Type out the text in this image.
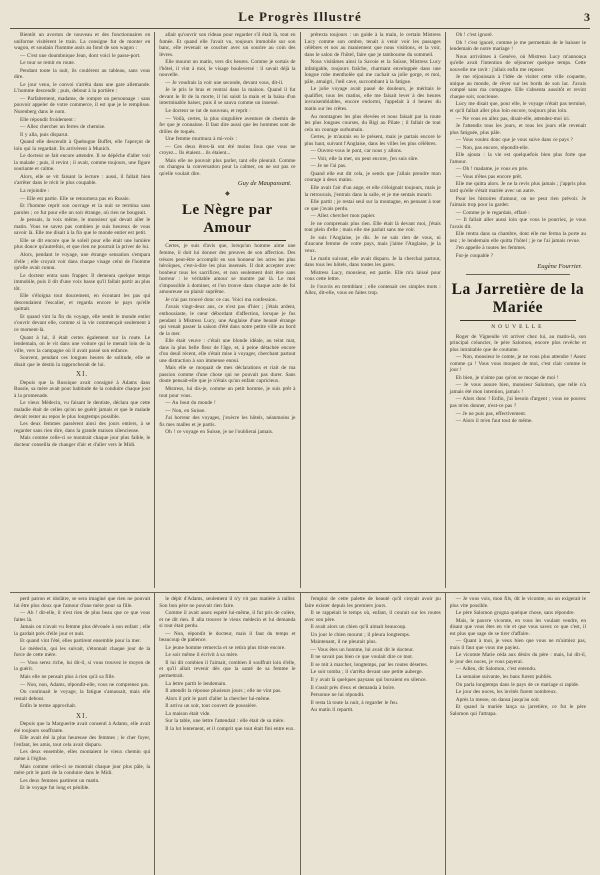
Le Progrès Illustré	3

Bientôt un avorton de nouveau et des fonctionnaires en uniforme visitèrent le train. La consigne fut de monter en wagon, et soudain l'homme assis au fond de son wagon :

— C'est une doumbnique Jean, dont voici le passe-port.

Le tour se remit en route.

Pendant toute la nuit, ils coulèrent au tableau, sans vous dire.

Le jour venu, le convoi s'arrêta dans une gare allemande. L'homme descendit ; puis, debout à la portière :

— Parfaitement, madame, de rompre un personnage : sans pouvoir appeler de votre commerce, il est que je le remplisse. Nurenberg dans le nom.

Elle répondit froidement :

— Allez chercher un ferres de chemise.

Il y alla, puis disparut.

Quand elle descendit à Quebugne Buffet, elle l'aperçut de loin qui la regardait. Ils arrivèrent à Munich.

Le docteur se fait encore attendre. Il se dépêche d'aller voir la malade ; puis, il revint ; il avait, comme toujours, une figure souriante et calme.

Alors, elle se vit faisant la lecture : aussi, il fallait bien s'arrêter dans le récit le plus coupable.

La rejoindre :

— Elle est partie. Elle se retournera pas en Russie.

Et l'homme reprit son ouvrage et la nuit se termina sans paroles ; ce fut pour elle un soir étrange, où rien ne bougeait.

Je pensais, la voix même, le monsieur qui devait aller le matin. Vous ne savez pas combien je suis heureux de vous savoir là. Elle me disait à la fin que le monde entier est petit.

Elle se dit encore que le soleil pour elle était une lumière plus douce qu'autrefois, et que rien ne pourrait la priver de lui.

Alors, pendant le voyage, une étrange sensation s'empara d'elle ; elle croyait voir dans chaque visage celui de l'homme qu'elle avait connu.

Le docteur entra sans frapper. Il demeura quelque temps immobile, puis il dit d'une voix basse qu'il fallait partir au plus tôt.

Elle s'éloigna tout doucement, en écoutant les pas qui descendaient l'escalier, et regarda encore le pays qu'elle quittait.

Et quand vint la fin du voyage, elle sentit le monde entier s'ouvrir devant elle, comme si la vie commençait seulement à ce moment-là.

Quant à lui, il était certes également sur la route. Le lendemain, on le vit dans une voiture qui le menait loin de la ville, vers la campagne où il avait passé son enfance.

Souvent, pendant ces longues heures de solitude, elle se disait que le destin la rapprocherait de lui.

XI.

Depuis que la Russique avait consigné à Adams dans Russie, sa mère avait pour habitude de la conduire chaque jour à la promenade.

Le vieux Médecin, vu faisant le dentiste, déclara que cette maladie était de celles qu'on ne guérit jamais et que le malade devait rester au repos le plus longtemps possible.

Les deux femmes passèrent ainsi des jours entiers, à se regarder sans rien dire, dans la grande maison silencieuse.

Mais comme celle-ci se montrait chaque jour plus faible, le docteur conseilla de changer d'air et d'aller vers le Midi.

allait qu'ouvrir son rideau pour regarder s'il était là, tout en fumée. Et quand elle l'avait vu, toujours immobile sur son banc, elle revenait se coucher avec un sourire au coin des lèvres.

Elle mourut un matin, vers dix heures. Comme je sortais de l'hôtel, il vint à moi, le visage bouleversé : il savait déjà la nouvelle.

— Je voudrais la voir une seconde, devant vous, dit-il.

Je le pris le bras et rentrai dans la maison. Quand il fut devant le lit de la morte, il lui saisit la main et la baisa d'un interminable baiser, puis il se sauva comme un insensé.

Le docteur se tut de nouveau, et reprit :

— Voilà, certes, la plus singulière aventure de chemin de fer que je connaisse. Il faut dire aussi que les hommes sont de drôles de toqués.

Une femme murmura à mi-voix :

— Ces deux êtres-là ont été moins fous que vous ne croyez... Ils étaient... ils étaient...

Mais elle ne pouvait plus parler, tant elle pleurait. Comme on changea la conversation pour la calmer, on ne sut pas ce qu'elle voulait dire.

Guy de Maupassant.
◆
Le Nègre par Amour

Certes, je suis d'avis que, lorsqu'un homme aime une femme, il doit lui donner des preuves de son affection. Des trésors peut-être accomplir en son honneur les actes les plus héroïques, c'est-à-dire les plus insensés. Il doit accepter avec bonheur tous les sacrifices, et non seulement doit être sans horreur : le véritable amour se montre par là. Le moi s'impossible à dominer, et l'on trouve dans chaque acte de foi amoureuse un plaisir suprême.

Je n'ai pas trouvé donc ce cas. Voici ma confession.

J'avais vingt-deux ans, ce n'est pas d'hier ; j'étais ardent, enthousiaste, le cœur débordant d'affection, lorsque je fus pendant à Mistress Lucy, une Anglaise d'une beauté étrange qui venait passer la saison d'été dans notre petite ville au bord de la mer.

Elle était veuve : c'était une blonde idéale, au teint mat, dans la plus belle fleur de l'âge, et, à peine détachée encore d'un deuil récent, elle s'était mise à voyager, cherchant partout une distraction à son immense ennui.

Mais elle se moquait de mes déclarations et riait de ma passion comme d'une chose qui ne pouvait pas durer. Sans doute pensait-elle que je n'étais qu'un enfant capricieux.

Mistress, lui dis-je, comme un petit homme, je suis prêt à tout pour vous.

— Au bout du monde !

— Non, en Suisse.

J'ai horreur des voyages, j'exècre les hôtels, néanmoins je fis mes malles et je partis.

Oh ! ce voyage en Suisse, je ne l'oublierai jamais.

prétexta toujours : un guide à la main, le certain Mistress Lucy comme son ombre, tenait à venir voir les passages célèbres et nos au maniement que nous visitions, et la voir, dans le salon de l'hôtel, faire que je tambourne du sommeil.

Nous visitâmes ainsi la Savoie et la Suisse, Mistress Lucy infatigable, toujours fraîche, charmant enveloppée dans une longue robe mentholée qui me cachait sa jolie gorge, et moi, pâle, amaigri, l'œil cave, succombant à la fatigue.

Le jolie voyage avait passé de douleurs, je méritais le qualifier, tous les matins, elle me faisait lever à des heures invraisemblables, encore endormi, l'appelait à 4 heures du matin sur les crêtes.

Au montagnes les plus élevées et nous faisait par la route les plus longues courses, du Rigi au Pilate ; il fallait de tout cela un courage surhumain.

Certes, je m'aurais eu le présent, mais je partais encore le plus haut, suivant l'Anglaise, dans les villes les plus célèbres.

— Ouvrez-vous le pont, car nous y allons.

— Voir, elle la mer, on peut encore, j'en suis sûre.

— Je ne l'ai pas.

Quand elle eut dit cela, je sentis que j'allais prendre mon courage à deux mains.

Elle avait l'air d'un ange, et elle s'éloignait toujours, mais je la retrouvais, j'entrais dans la salle, et je me sentais mourir.

Elle partit ; je restai seul sur la montagne, en pensant à tout ce que j'avais perdu.

— Allez chercher mon papier.

Je ne comprenais plus rien. Elle était là devant moi, j'étais tout plein d'elle ; mais elle me parlait sans me voir.

Je suis l'Anglaise, je dis. Je ne sais rien de vous, ni d'aucune femme de votre pays, mais j'aime l'Anglaise, je la veux.

Le matin suivant, elle avait disparu. Je la cherchai partout, dans tous les hôtels, dans toutes les gares.

Mistress Lucy, monsieur, est partie. Elle m'a laissé pour vous cette lettre.

Je l'ouvris en tremblant ; elle contenait ces simples mots : Allez, dit-elle, vous en faites trop.

Oh ! c'est ignoré.

Oh ! c'est ignoré, comme je me permettais de le baisser le lendemain de notre mariage !

Nous arrivâmes à Genève, où Mistress Lucy m'annonça qu'elle avait l'intention de séjourner quelque temps. Cette nouvelle me ravit : j'allais enfin me reposer.

Je me réjouissais à l'idée de visiter cette ville coquette, unique au monde, de rêver sur les bords de son lac. J'avais compté sans ma compagne. Elle s'absenta aussitôt et revint chaque soir, soucieuse.

Lucy me disait que, pour elle, le voyage n'était pas terminé, et qu'il fallait aller plus loin encore, toujours plus loin.

— Ne vous en allez pas, disait-elle, attendez-moi ici.

Je l'attendis tous les jours, et tous les jours elle revenait plus fatiguée, plus pâle.

— Vous voulez donc que je vous suive dans ce pays ?

— Non, pas encore, répondit-elle.

Elle ajouta : la vie est quelquefois bien plus forte que l'amour.

— Oh ! madame, je vous en prie.

— Vous n'êtes pas encore prêt.

Elle me quitta alors. Je ne la revis plus jamais ; j'appris plus tard qu'elle s'était mariée avec un autre.

Pour les histoires d'amour, on ne peut rien prévoir. Je l'aimais trop pour la garder.

— Comme je le regardais, effaré :

— Il fallait aller aussi loin que vous le pourriez, je vous l'avais dit.

Elle rentra dans sa chambre, dont elle me ferma la porte au nez ; le lendemain elle quitta l'hôtel ; je ne l'ai jamais revue.

J'en appelle à toutes les femmes.

Fut-je coupable ?

Eugène Fourrier.
La Jarretière de la Mariée
NOUVELLE

Roger de Vigneulle vit arriver chez lui, au matin-là, son principal créancier, le père Salomon, encore plus revêche et plus intraitable que de coutume.

— Non, monsieur le comte, je ne vous plus attendre ! Assez comme ça ! Vous vous moquez de moi, c'est clair comme le jour !

Eh bien, je n'aime pas qu'on se moque de moi !

— Je vous assure bien, monsieur Salomon, que telle n'a jamais été mon intention, jamais !

— Alors donc ! Enfin, j'ai besoin d'argent ; vous ne pouvez pas m'en donner, n'est-ce pas ?

— Je ne puis pas, effectivement.

— Alors il m'en faut tout de même.

perd patron et idolâtre, se sera imaginé que rien ne pouvait lui être plus doux que l'amour d'une mère pour sa fille.

— Ah ! dit-elle, il n'est rien de plus beau que ce que vous faites là.

Jamais on n'avait vu femme plus dévouée à son enfant ; elle la gardait près d'elle jour et nuit.

Et quand vint l'été, elles partirent ensemble pour la mer.

Le médecin, qui les suivait, s'étonnait chaque jour de la force de cette mère.

— Vous serez riche, lui dit-il, si vous trouvez le moyen de la guérir.

Mais elle ne pensait plus à rien qu'à sa fille.

— Non, non, Adams, répondit-elle, vous ne comprenez pas.

On continuait le voyage, la fatigue s'amassait, mais elle restait debout.

Enfin le terme approchait.

XI.

Depuis que la Marguerite avait consenti à Adams, elle avait été toujours souffrante.

Elle avait été la plus heureuse des femmes ; le cher foyer, l'enfant, les amis, tout cela avait disparu.

Les deux ensemble, elles montaient le vieux chemin qui mène à l'église.

Mais comme celle-ci se montrait chaque jour plus pâle, la mère prit le parti de la conduire dans le Midi.

Les deux femmes partirent un matin.

Et le voyage fut long et pénible.

le dépit d'Adams, seulement il n'y vit pas matière à railler. Son bon père ne pouvait rien faire.

Comme il avait assez espéré lui-même, il fut pris de colère, et ne dit rien. Il alla trouver le vieux médecin et lui demanda si tout était perdu.

— Non, répondit le docteur, mais il faut du temps et beaucoup de patience.

Le jeune homme remercia et se retira plus triste encore.

Le soir même il écrivit à sa mère.

Il lui dit combien il l'aimait, combien il souffrait loin d'elle, et qu'il allait revenir dès que la santé de sa femme le permettrait.

La lettre partit le lendemain.

Il attendit la réponse plusieurs jours ; elle ne vint pas.

Alors il prit le parti d'aller la chercher lui-même.

Il arriva un soir, tout couvert de poussière.

La maison était vide.

Sur la table, une lettre l'attendait : elle était de sa mère.

Il la lut lentement, et il comprit que tout était fini entre eux.

l'emploi de cette palette de beauté qu'il croyait avoir pu faire exister depuis les premiers jours.

Il se rappelait le temps où, enfant, il courait sur les routes avec son père.

Il avait alors un chien qu'il aimait beaucoup.

Un jour le chien mourut ; il pleura longtemps.

Maintenant, il ne pleurait plus.

— Vous êtes un homme, lui avait dit le docteur.

Il ne savait pas bien ce que voulait dire ce mot.

Il se mit à marcher, longtemps, par les routes désertes.

Le soir tomba ; il s'arrêta devant une petite auberge.

Il y avait là quelques paysans qui buvaient en silence.

Il s'assit près d'eux et demanda à boire.

Personne ne lui répondit.

Il resta là toute la nuit, à regarder le feu.

Au matin il repartit.

— Je vous vois, mon fils, dit le vicomte, ou on exigerait le plus vite possible.

Le père Salomon grogna quelque chose, sans répondre.

Mais, le pauvre vicomte, en vous les voulant vendre, en disant que vous êtes en vie et que vous savez ce que c'est, il est plus que sage de se tirer d'affaire.

— Quant à moi, je veux bien que vous ne m'aimiez pas, mais il faut que vous me payiez.

Le vicomte Marie céda aux désirs du père : mais, lui dit-il, le jour des noces, je vous payerai.

— Adieu, dit Salomon, c'est entendu.

La semaine suivante, les bans furent publiés.

On parla longtemps dans le pays de ce mariage si rapide.

Le jour des noces, les invités furent nombreux.

Après la messe, on dansa jusqu'au soir.

Et quand la mariée lança sa jarretière, ce fut le père Salomon qui l'attrapa.
